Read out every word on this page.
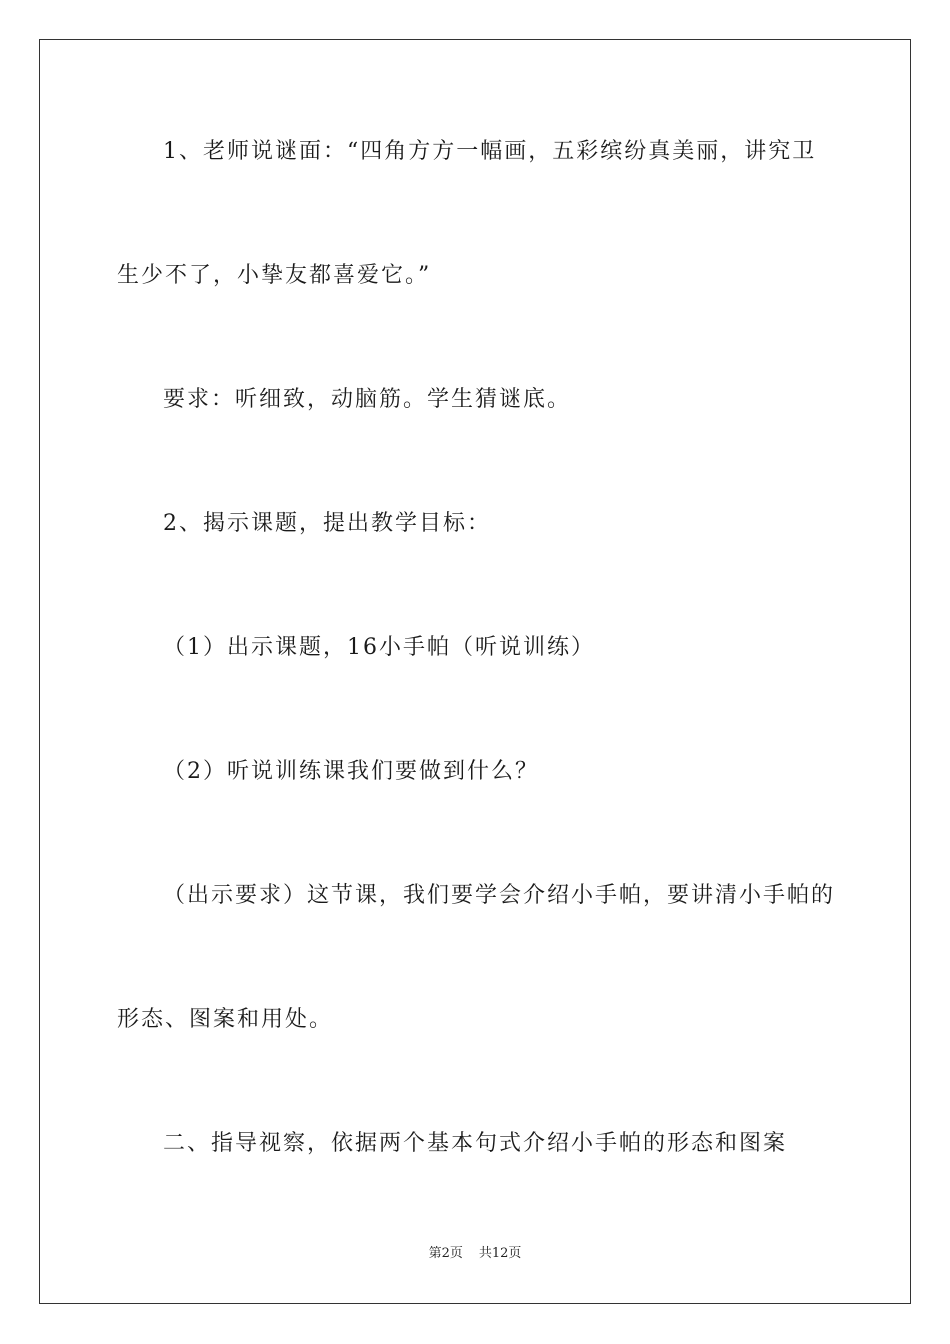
1、老师说谜面：“四角方方一幅画，五彩缤纷真美丽，讲究卫
生少不了，小挚友都喜爱它。”
要求：听细致，动脑筋。学生猜谜底。
2、揭示课题，提出教学目标：
（1）出示课题，16小手帕（听说训练）
（2）听说训练课我们要做到什么？
（出示要求）这节课，我们要学会介绍小手帕，要讲清小手帕的
形态、图案和用处。
二、指导视察，依据两个基本句式介绍小手帕的形态和图案
第2页 共12页
